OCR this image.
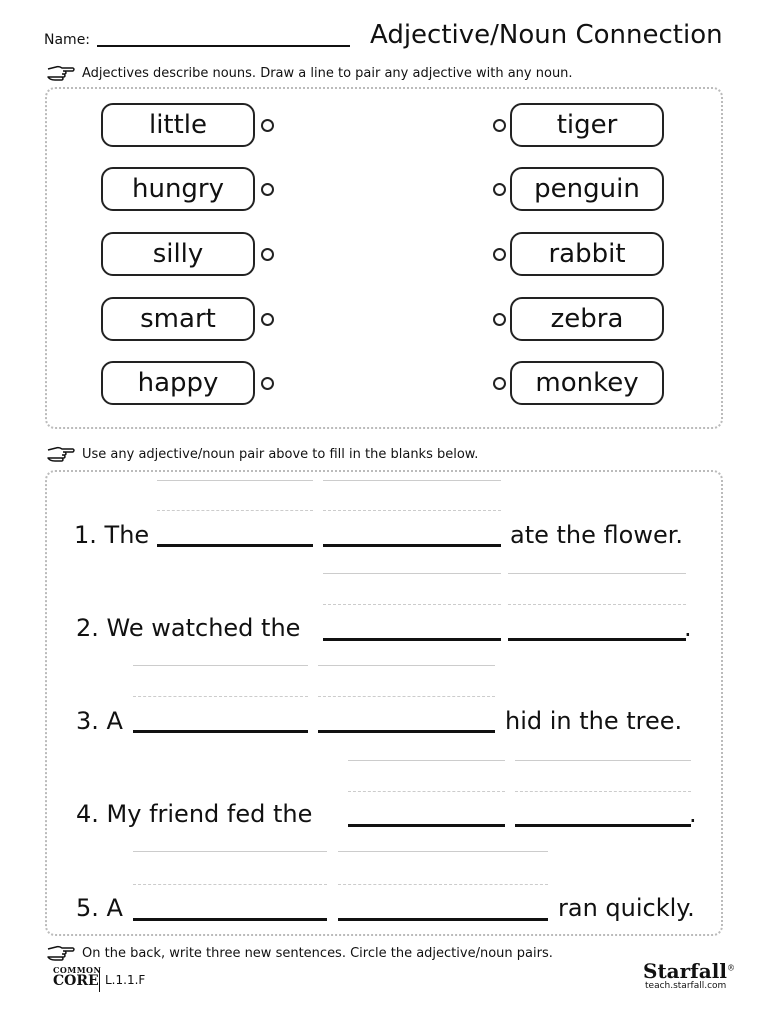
Name:	Adjective/Noun Connection
Adjectives describe nouns. Draw a line to pair any adjective with any noun.
little
hungry
silly
smart
happy
tiger
penguin
rabbit
zebra
monkey
Use any adjective/noun pair above to fill in the blanks below.
1. The	ate the flower.
2. We watched the	.
3. A	hid in the tree.
4. My friend fed the	.
5. A	ran quickly.
On the back, write three new sentences. Circle the adjective/noun pairs.
COMMON
CORE L.1.1.F	Starfall®
teach.starfall.com
